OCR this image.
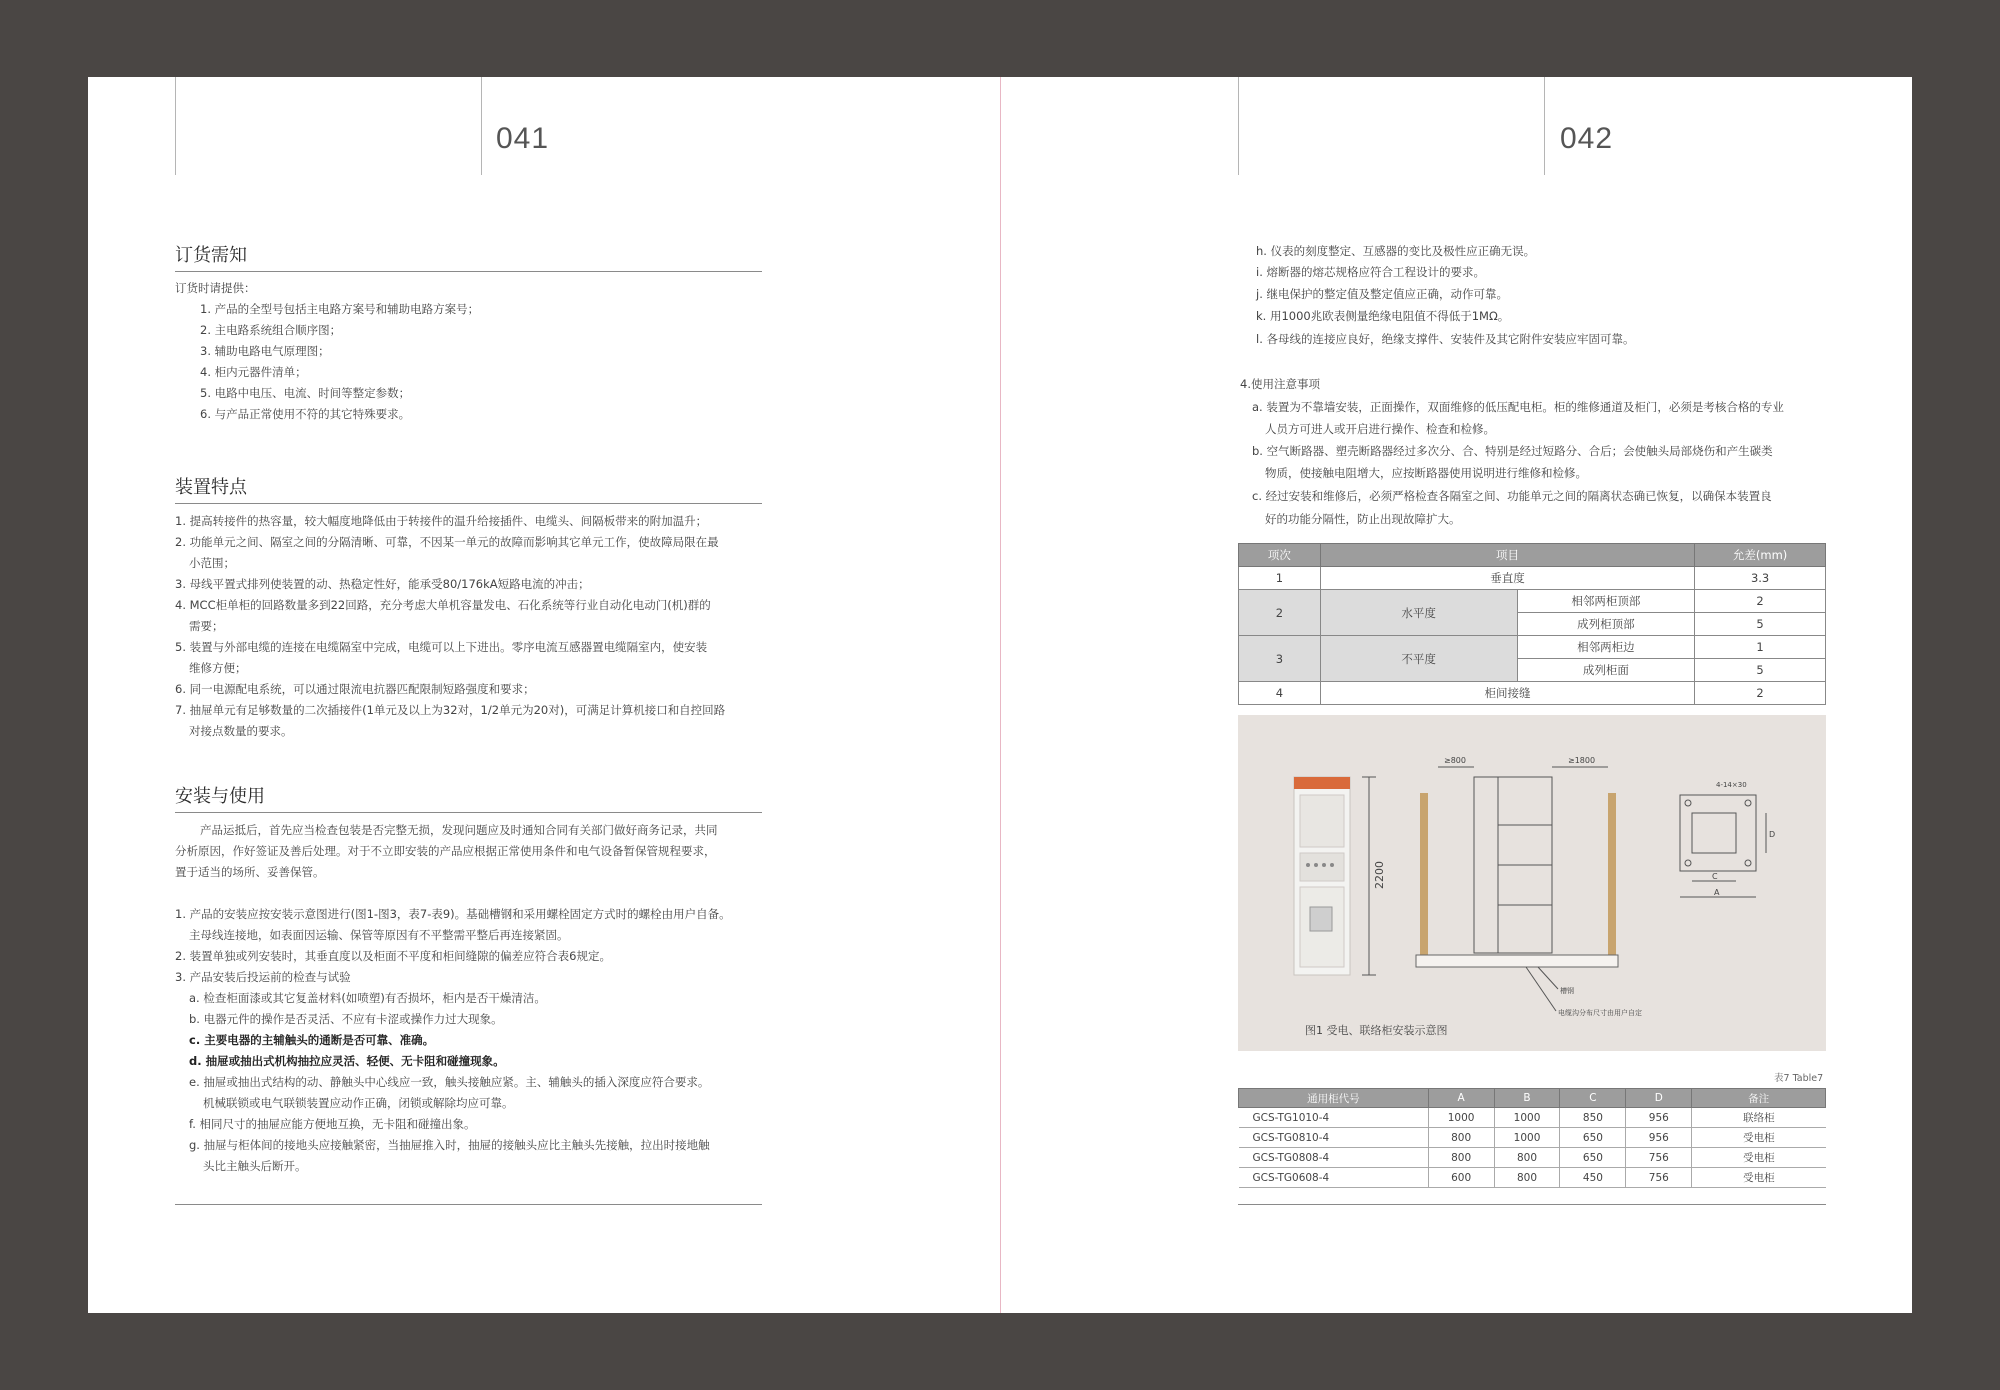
041	042
订货需知
订货时请提供：
1. 产品的全型号包括主电路方案号和辅助电路方案号；
2. 主电路系统组合顺序图；
3. 辅助电路电气原理图；
4. 柜内元器件清单；
5. 电路中电压、电流、时间等整定参数；
6. 与产品正常使用不符的其它特殊要求。
装置特点
1. 提高转接件的热容量，较大幅度地降低由于转接件的温升给接插件、电缆头、间隔板带来的附加温升；
2. 功能单元之间、隔室之间的分隔清晰、可靠，不因某一单元的故障而影响其它单元工作，使故障局限在最
小范围；
3. 母线平置式排列使装置的动、热稳定性好，能承受80/176kA短路电流的冲击；
4. MCC柜单柜的回路数量多到22回路，充分考虑大单机容量发电、石化系统等行业自动化电动门(机)群的
需要；
5. 装置与外部电缆的连接在电缆隔室中完成，电缆可以上下进出。零序电流互感器置电缆隔室内，使安装
维修方便；
6. 同一电源配电系统，可以通过限流电抗器匹配限制短路强度和要求；
7. 抽屉单元有足够数量的二次插接件(1单元及以上为32对，1/2单元为20对)，可满足计算机接口和自控回路
对接点数量的要求。
安装与使用
产品运抵后，首先应当检查包装是否完整无损，发现问题应及时通知合同有关部门做好商务记录，共同
分析原因，作好签证及善后处理。对于不立即安装的产品应根据正常使用条件和电气设备暂保管规程要求，
置于适当的场所、妥善保管。
1. 产品的安装应按安装示意图进行(图1-图3，表7-表9)。基础槽钢和采用螺栓固定方式时的螺栓由用户自备。
主母线连接地，如表面因运输、保管等原因有不平整需平整后再连接紧固。
2. 装置单独或列安装时，其垂直度以及柜面不平度和柜间缝隙的偏差应符合表6规定。
3. 产品安装后投运前的检查与试验
a. 检查柜面漆或其它复盖材料(如喷塑)有否损坏，柜内是否干燥清洁。
b. 电器元件的操作是否灵活、不应有卡涩或操作力过大现象。
c. 主要电器的主辅触头的通断是否可靠、准确。
d. 抽屉或抽出式机构抽拉应灵活、轻便、无卡阻和碰撞现象。
e. 抽屉或抽出式结构的动、静触头中心线应一致，触头接触应紧。主、辅触头的插入深度应符合要求。
机械联锁或电气联锁装置应动作正确，闭锁或解除均应可靠。
f. 相同尺寸的抽屉应能方便地互换，无卡阻和碰撞出象。
g. 抽屉与柜体间的接地头应接触紧密，当抽屉推入时，抽屉的接触头应比主触头先接触，拉出时接地触
头比主触头后断开。
h. 仪表的刻度整定、互感器的变比及极性应正确无误。
i. 熔断器的熔芯规格应符合工程设计的要求。
j. 继电保护的整定值及整定值应正确，动作可靠。
k. 用1000兆欧表侧量绝缘电阻值不得低于1MΩ。
l. 各母线的连接应良好，绝缘支撑件、安装件及其它附件安装应牢固可靠。
4.使用注意事项
a. 装置为不靠墙安装，正面操作，双面维修的低压配电柜。柜的维修通道及柜门，必须是考核合格的专业
人员方可进人或开启进行操作、检查和检修。
b. 空气断路器、塑壳断路器经过多次分、合、特别是经过短路分、合后；会使触头局部烧伤和产生碳类
物质，使接触电阻增大，应按断路器使用说明进行维修和检修。
c. 经过安装和维修后，必须严格检查各隔室之间、功能单元之间的隔离状态确已恢复，以确保本装置良
好的功能分隔性，防止出现故障扩大。
项次	项目		允差(mm)
1	垂直度		3.3
2	水平度	相邻两柜顶部	2
		成列柜顶部	5
3	不平度	相邻两柜边	1
		成列柜面	5
4	柜间接缝		2
2200
≥800	≥1800
槽钢
电缆沟分布尺寸由用户自定
4-14×30
A
C
D
图1 受电、联络柜安装示意图
表7 Table7
通用柜代号	A	B	C	D	备注
GCS-TG1010-4	1000	1000	850	956	联络柜
GCS-TG0810-4	800	1000	650	956	受电柜
GCS-TG0808-4	800	800	650	756	受电柜
GCS-TG0608-4	600	800	450	756	受电柜
